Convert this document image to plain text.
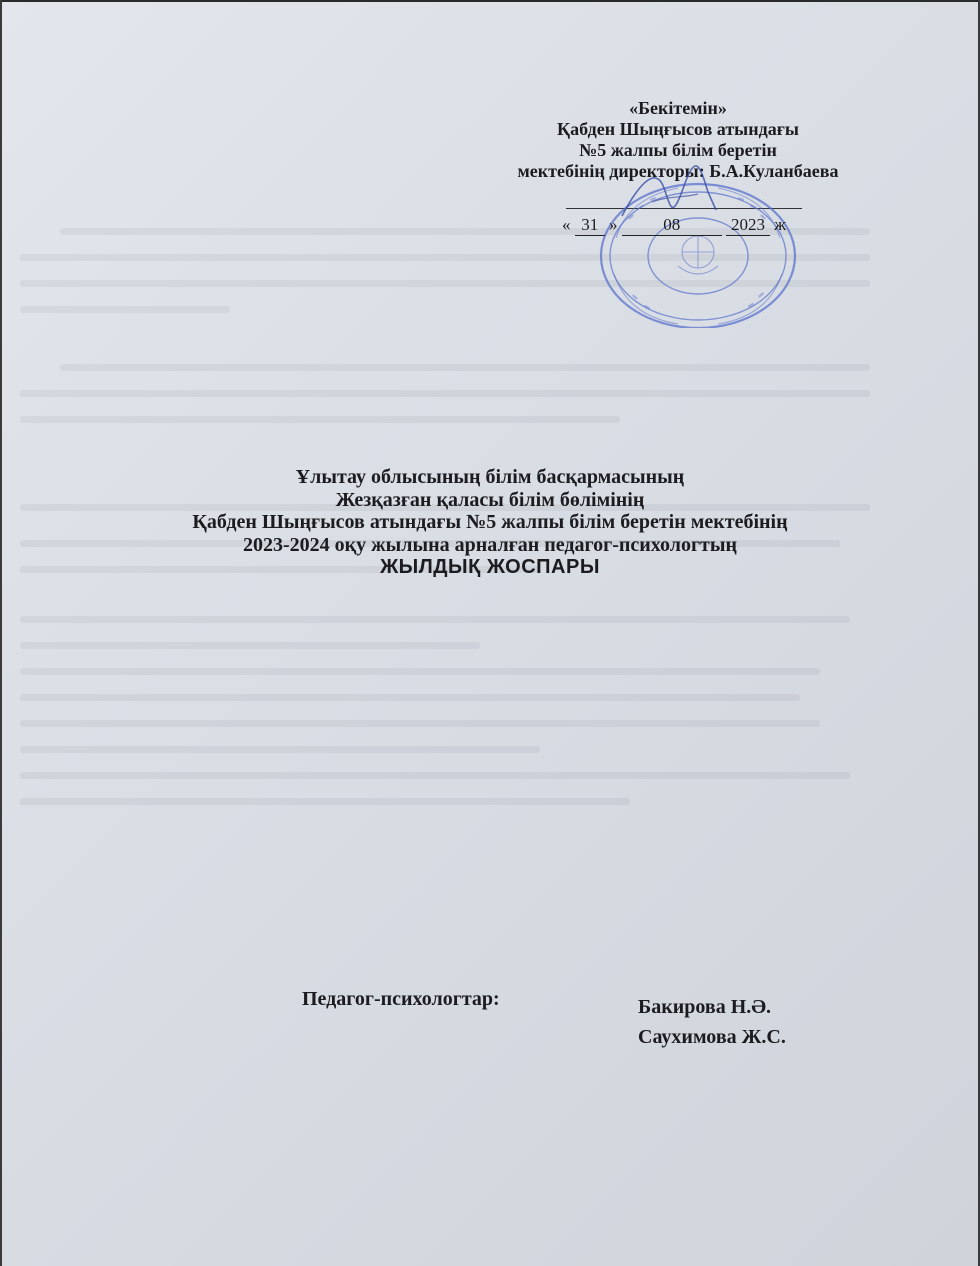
«Бекітемін»
Қабден Шыңғысов атындағы
№5 жалпы білім беретін
мектебінің директоры: Б.А.Куланбаева
« 31 »	08	2023 ж
Ұлытау облысының білім басқармасының
Жезқазған қаласы білім бөлімінің
Қабден Шыңғысов атындағы №5 жалпы білім беретін мектебінің
2023-2024 оқу жылына арналған педагог-психологтың
ЖЫЛДЫҚ ЖОСПАРЫ
Педагог-психологтар:	Бакирова Н.Ә.
Саухимова Ж.С.
